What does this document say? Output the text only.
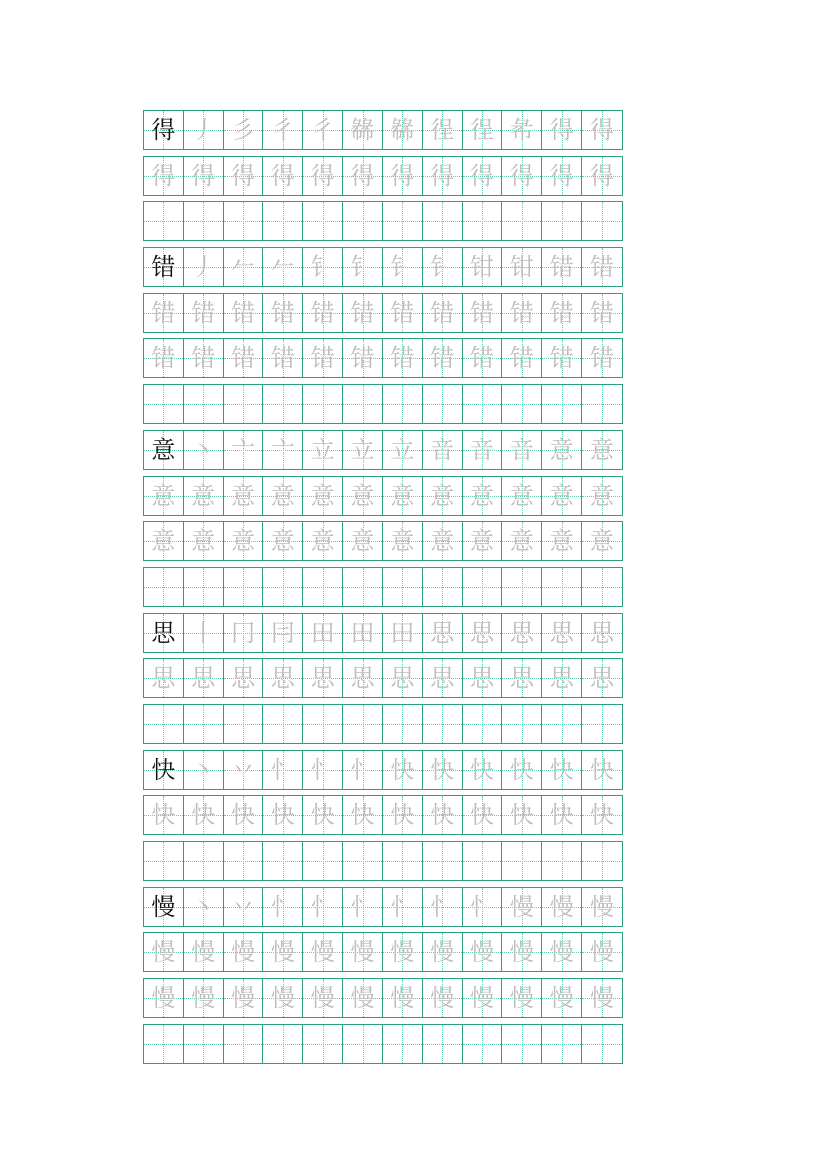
得 丿 彡 彳 彳 㣈 㣈 徎 徎 㣇 得 得
得 得 得 得 得 得 得 得 得 得 得 得
错 丿 𠂉 𠂉 钅 钅 钅 钅 钳 钳 错 错
错 错 错 错 错 错 错 错 错 错 错 错
错 错 错 错 错 错 错 错 错 错 错 错
意 丶 亠 亠 立 立 立 音 音 音 意 意
意 意 意 意 意 意 意 意 意 意 意 意
意 意 意 意 意 意 意 意 意 意 意 意
思 丨 冂 冃 田 田 田 思 思 思 思 思
思 思 思 思 思 思 思 思 思 思 思 思
快 丶 丷 忄 忄 忄 快 快 快 快 快 快
快 快 快 快 快 快 快 快 快 快 快 快
慢 丶 丷 忄 忄 忄 忄 忄 忄 慢 慢 慢
慢 慢 慢 慢 慢 慢 慢 慢 慢 慢 慢 慢
慢 慢 慢 慢 慢 慢 慢 慢 慢 慢 慢 慢
